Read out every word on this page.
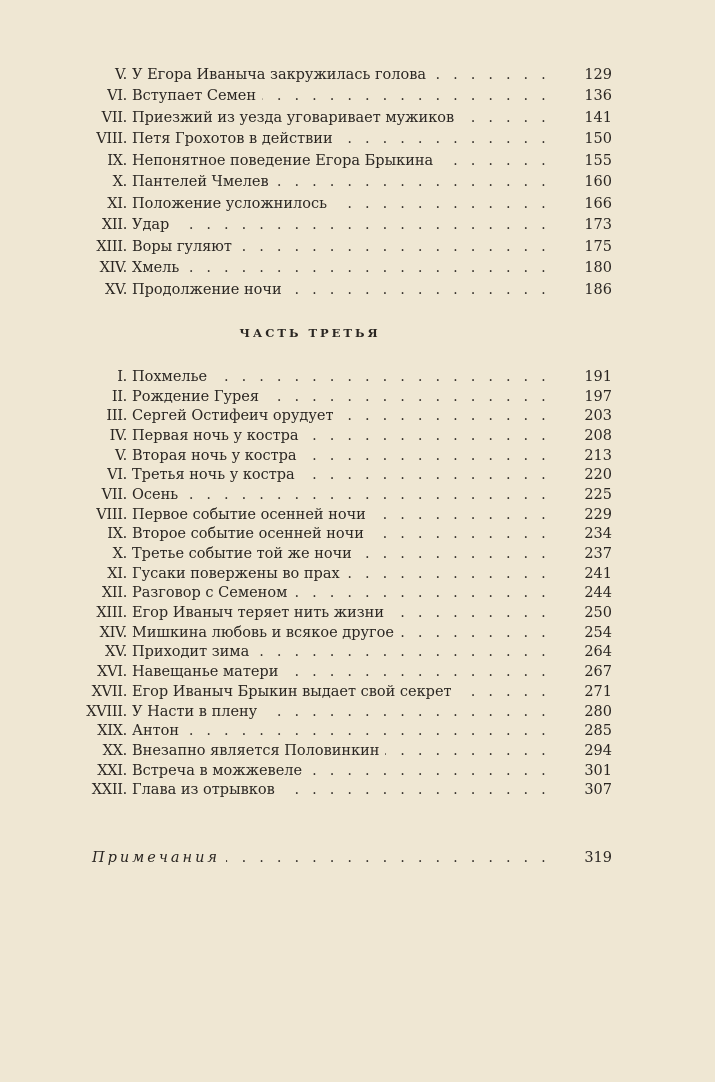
V. У Егора Иваныча закружилась голова . . .	129
VI. Вступает Семен . . .	136
VII. Приезжий из уезда уговаривает мужиков . . .	141
VIII. Петя Грохотов в действии . . .	150
IX. Непонятное поведение Егора Брыкина . . .	155
X. Пантелей Чмелев . . .	160
XI. Положение усложнилось . . .	166
XII. Удар . . .	173
XIII. Воры гуляют . . .	175
XIV. Хмель . . .	180
XV. Продолжение ночи . . .	186
ЧАСТЬ ТРЕТЬЯ
I. Похмелье . . .	191
II. Рождение Гурея . . .	197
III. Сергей Остифеич орудует . . .	203
IV. Первая ночь у костра . . .	208
V. Вторая ночь у костра . . .	213
VI. Третья ночь у костра . . .	220
VII. Осень . . .	225
VIII. Первое событие осенней ночи . . .	229
IX. Второе событие осенней ночи . . .	234
X. Третье событие той же ночи . . .	237
XI. Гусаки повержены во прах . . .	241
XII. Разговор с Семеном . . .	244
XIII. Егор Иваныч теряет нить жизни . . .	250
XIV. Мишкина любовь и всякое другое . . .	254
XV. Приходит зима . . .	264
XVI. Навещанье матери . . .	267
XVII. Егор Иваныч Брыкин выдает свой секрет . . .	271
XVIII. У Насти в плену . . .	280
XIX. Антон . . .	285
XX. Внезапно является Половинкин . . .	294
XXI. Встреча в можжевеле . . .	301
XXII. Глава из отрывков . . .	307
Примечания . . .	319
